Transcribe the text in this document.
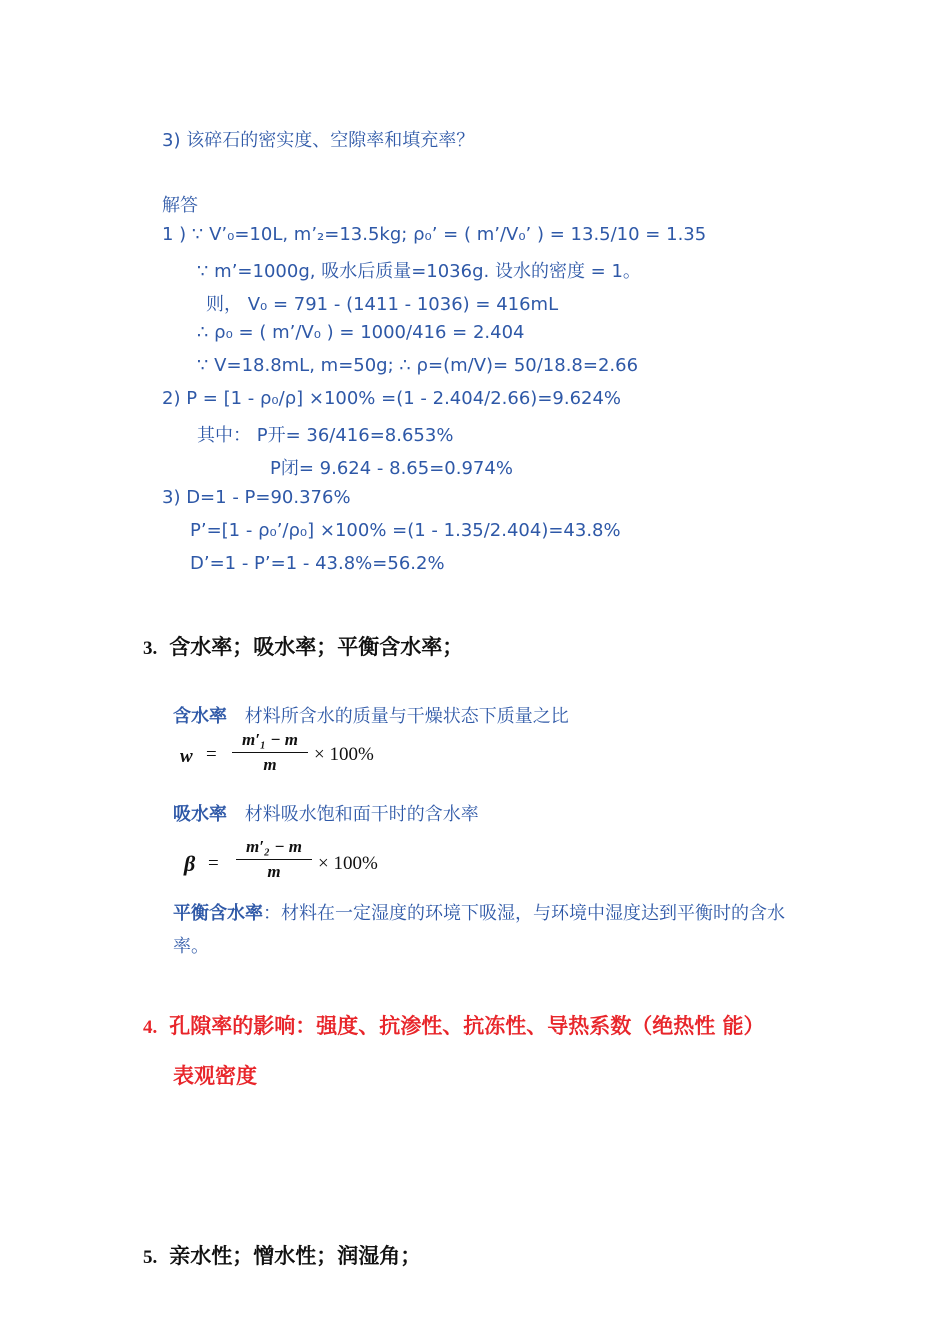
3) 该碎石的密实度、空隙率和填充率？
解答
1 ) ∵ V’₀=10L, m’₂=13.5kg; ρ₀’ = ( m’/V₀’ ) = 13.5/10 = 1.35
∵ m’=1000g, 吸水后质量=1036g. 设水的密度 = 1。
则， V₀ = 791 - (1411 - 1036) = 416mL
∴ ρ₀ = ( m’/V₀ ) = 1000/416 = 2.404
∵ V=18.8mL, m=50g; ∴ ρ=(m/V)= 50/18.8=2.66
2) P = [1 - ρ₀/ρ] ×100% =(1 - 2.404/2.66)=9.624%
其中： P开= 36/416=8.653%
P闭= 9.624 - 8.65=0.974%
3) D=1 - P=90.376%
P’=[1 - ρ₀’/ρ₀] ×100% =(1 - 1.35/2.404)=43.8%
D’=1 - P’=1 - 43.8%=56.2%
3. 含水率；吸水率；平衡含水率；
含水率 材料所含水的质量与干燥状态下质量之比
w =
m′₁ − m
m	× 100%
吸水率 材料吸水饱和面干时的含水率
β =
m′₂ − m
m	× 100%
平衡含水率：材料在一定湿度的环境下吸湿，与环境中湿度达到平衡时的含水
率。
4. 孔隙率的影响：强度、抗渗性、抗冻性、导热系数（绝热性 能）
表观密度
5. 亲水性；憎水性；润湿角；
